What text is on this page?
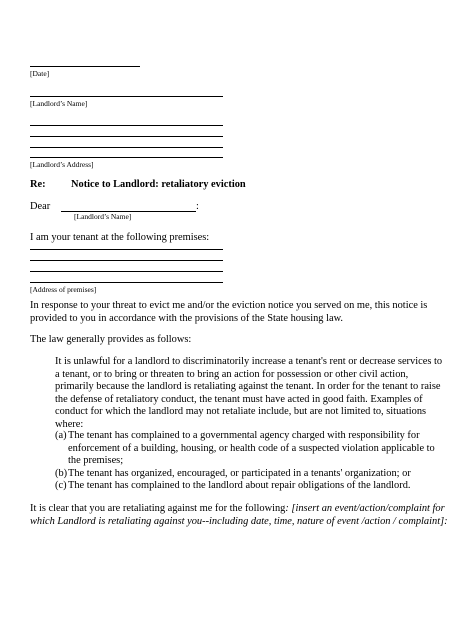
[Date]
[Landlord’s Name]
[Landlord’s Address]
Re: Notice to Landlord: retaliatory eviction
Dear	:
[Landlord’s Name]
I am your tenant at the following premises:
[Address of premises]
In response to your threat to evict me and/or the eviction notice you served on me, this notice is provided to you in accordance with the provisions of the State housing law.
The law generally provides as follows:
It is unlawful for a landlord to discriminatorily increase a tenant's rent or decrease services to a tenant, or to bring or threaten to bring an action for possession or other civil action, primarily because the landlord is retaliating against the tenant. In order for the tenant to raise the defense of retaliatory conduct, the tenant must have acted in good faith. Examples of conduct for which the landlord may not retaliate include, but are not limited to, situations where:
(a) The tenant has complained to a governmental agency charged with responsibility for enforcement of a building, housing, or health code of a suspected violation applicable to the premises;
(b) The tenant has organized, encouraged, or participated in a tenants' organization; or
(c) The tenant has complained to the landlord about repair obligations of the landlord.
It is clear that you are retaliating against me for the following: [insert an event/action/complaint for which Landlord is retaliating against you--including date, time, nature of event /action / complaint]:
